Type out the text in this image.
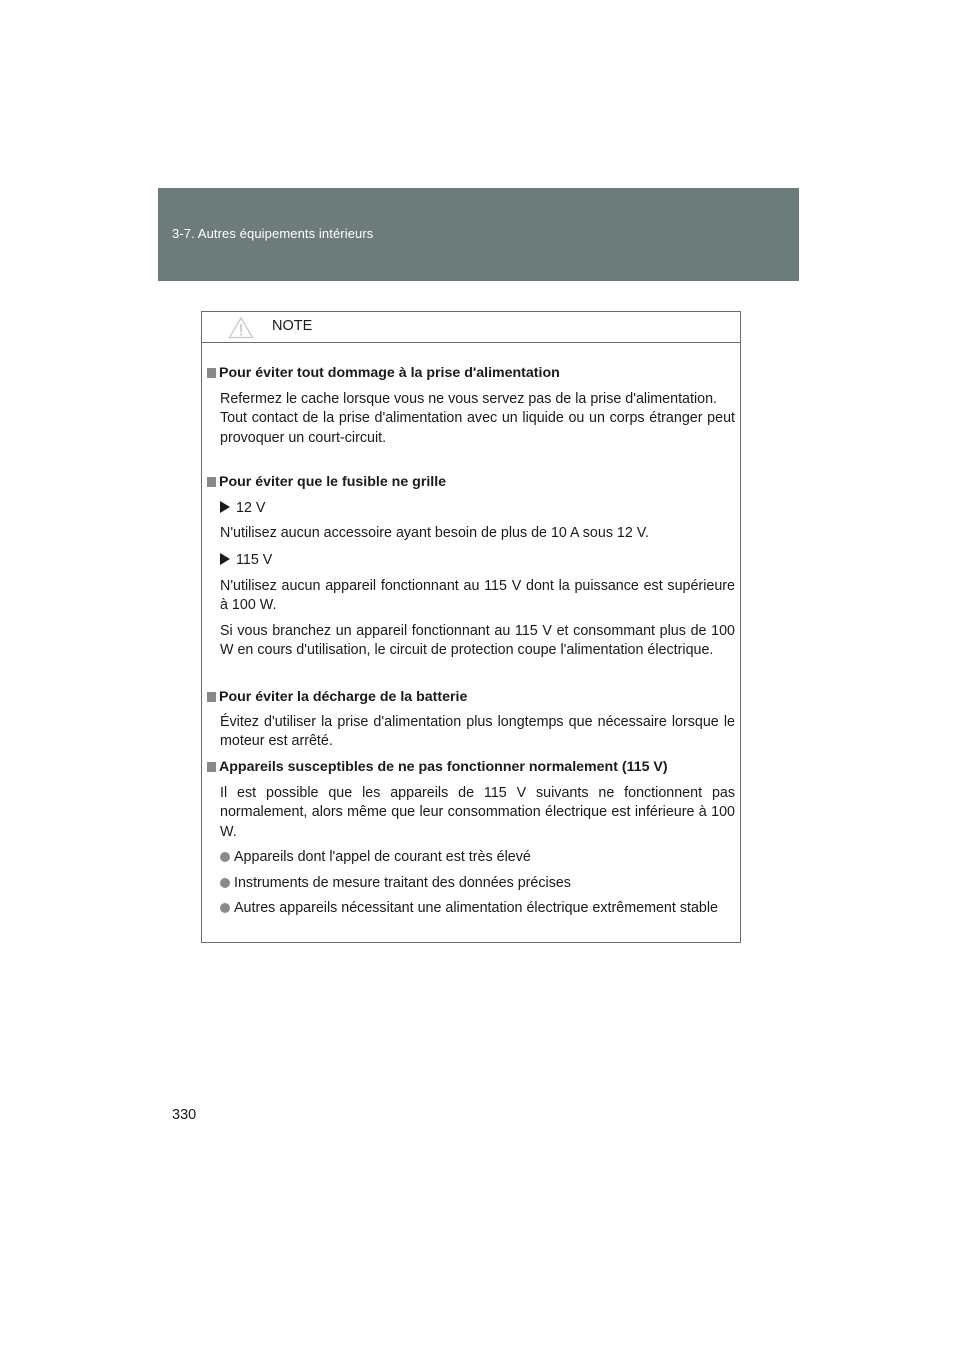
3-7. Autres équipements intérieurs
NOTE
Pour éviter tout dommage à la prise d'alimentation
Refermez le cache lorsque vous ne vous servez pas de la prise d'alimentation.
Tout contact de la prise d'alimentation avec un liquide ou un corps étranger peut provoquer un court-circuit.
Pour éviter que le fusible ne grille
12 V
N'utilisez aucun accessoire ayant besoin de plus de 10 A sous 12 V.
115 V
N'utilisez aucun appareil fonctionnant au 115 V dont la puissance est supérieure à 100 W.
Si vous branchez un appareil fonctionnant au 115 V et consommant plus de 100 W en cours d'utilisation, le circuit de protection coupe l'alimentation électrique.
Pour éviter la décharge de la batterie
Évitez d'utiliser la prise d'alimentation plus longtemps que nécessaire lorsque le moteur est arrêté.
Appareils susceptibles de ne pas fonctionner normalement (115 V)
Il est possible que les appareils de 115 V suivants ne fonctionnent pas normalement, alors même que leur consommation électrique est inférieure à 100 W.
Appareils dont l'appel de courant est très élevé
Instruments de mesure traitant des données précises
Autres appareils nécessitant une alimentation électrique extrêmement stable
330
